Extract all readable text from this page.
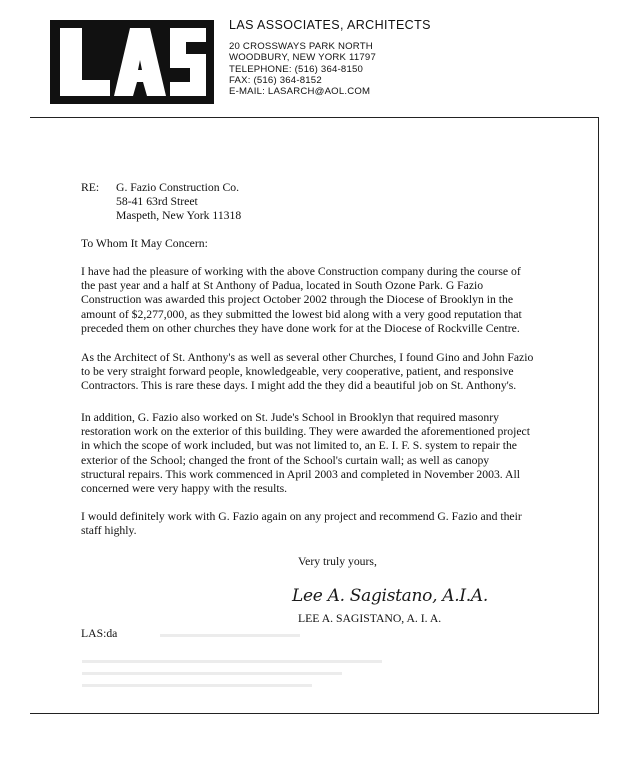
LAS ASSOCIATES, ARCHITECTS
20 CROSSWAYS PARK NORTH
WOODBURY, NEW YORK 11797
TELEPHONE: (516) 364-8150
FAX: (516) 364-8152
E-MAIL: LASARCH@AOL.COM
RE: G. Fazio Construction Co.
58-41 63rd Street
Maspeth, New York 11318
To Whom It May Concern:
I have had the pleasure of working with the above Construction company during the course of
the past year and a half at St Anthony of Padua, located in South Ozone Park. G Fazio
Construction was awarded this project October 2002 through the Diocese of Brooklyn in the
amount of $2,277,000, as they submitted the lowest bid along with a very good reputation that
preceded them on other churches they have done work for at the Diocese of Rockville Centre.
As the Architect of St. Anthony's as well as several other Churches, I found Gino and John Fazio
to be very straight forward people, knowledgeable, very cooperative, patient, and responsive
Contractors. This is rare these days. I might add the they did a beautiful job on St. Anthony's.
In addition, G. Fazio also worked on St. Jude's School in Brooklyn that required masonry
restoration work on the exterior of this building. They were awarded the aforementioned project
in which the scope of work included, but was not limited to, an E. I. F. S. system to repair the
exterior of the School; changed the front of the School's curtain wall; as well as canopy
structural repairs. This work commenced in April 2003 and completed in November 2003. All
concerned were very happy with the results.
I would definitely work with G. Fazio again on any project and recommend G. Fazio and their
staff highly.
Very truly yours,
Lee A. Sagistano, A.I.A.
LEE A. SAGISTANO, A. I. A.
LAS:da
